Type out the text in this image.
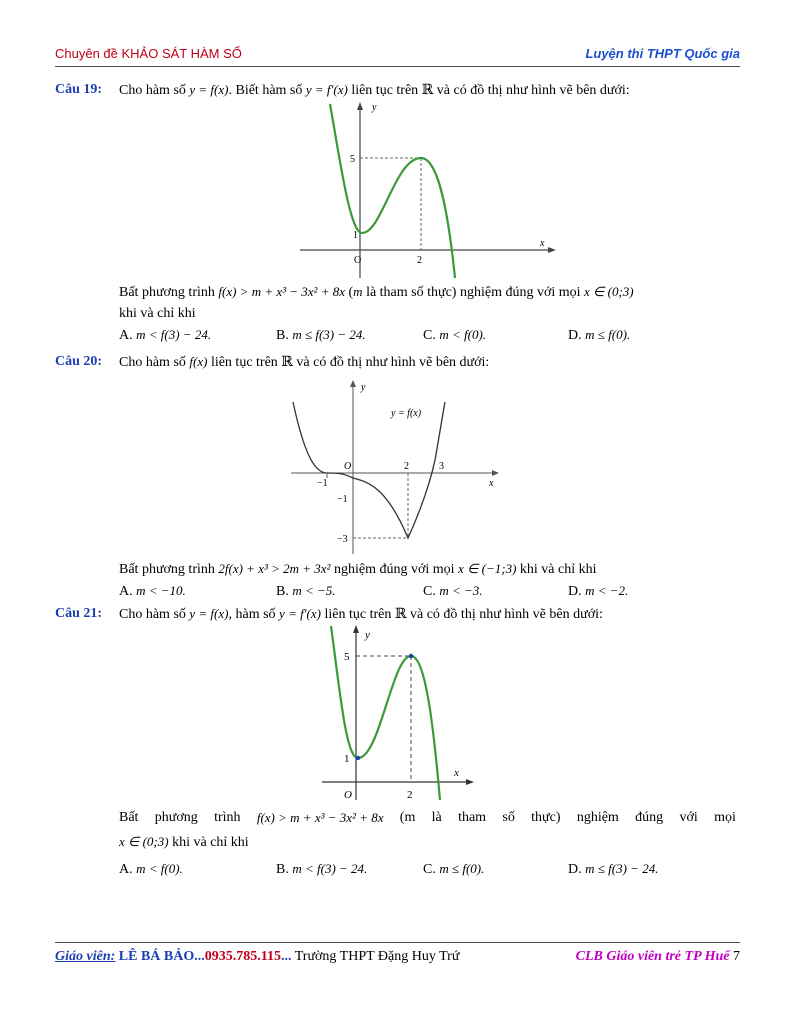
Chuyên đề KHẢO SÁT HÀM SỐ	Luyện thi THPT Quốc gia
Câu 19: Cho hàm số y = f(x). Biết hàm số y = f′(x) liên tục trên ℝ và có đồ thị như hình vẽ bên dưới:
y
x
5
1
O	2
Bất phương trình f(x) > m + x³ − 3x² + 8x (m là tham số thực) nghiệm đúng với mọi x ∈ (0;3)
khi và chỉ khi
A. m < f(3) − 24.	B. m ≤ f(3) − 24.	C. m < f(0).	D. m ≤ f(0).
Câu 20: Cho hàm số f(x) liên tục trên ℝ và có đồ thị như hình vẽ bên dưới:
y
x
y = f(x)
O
−1
2	3
−1
−3
Bất phương trình 2f(x) + x³ > 2m + 3x² nghiệm đúng với mọi x ∈ (−1;3) khi và chỉ khi
A. m < −10.	B. m < −5.	C. m < −3.	D. m < −2.
Câu 21: Cho hàm số y = f(x), hàm số y = f′(x) liên tục trên ℝ và có đồ thị như hình vẽ bên dưới:
y
x
5
1
O	2
Bất phương trình f(x) > m + x³ − 3x² + 8x (m là tham số thực) nghiệm đúng với mọi
x ∈ (0;3) khi và chỉ khi
A. m < f(0).	B. m < f(3) − 24.	C. m ≤ f(0).	D. m ≤ f(3) − 24.
Giáo viên: LÊ BÁ BẢO...0935.785.115... Trường THPT Đặng Huy Trứ	CLB Giáo viên trẻ TP Huế 7
